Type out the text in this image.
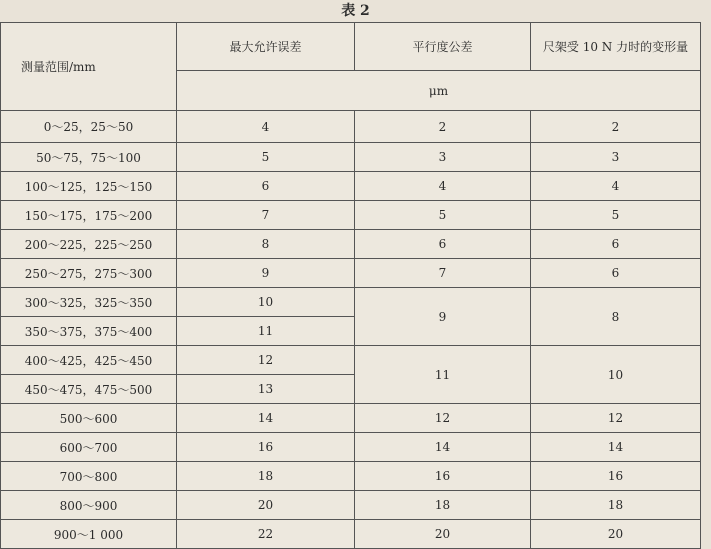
表 2
测量范围/mm	最大允许误差	平行度公差	尺架受 10 N 力时的变形量
	μm		
0～25，25～50	4	2	2
50～75，75～100	5	3	3
100～125，125～150	6	4	4
150～175，175～200	7	5	5
200～225，225～250	8	6	6
250～275，275～300	9	7	6
300～325，325～350	10	9	8
350～375，375～400	11		
400～425，425～450	12	11	10
450～475，475～500	13		
500～600	14	12	12
600～700	16	14	14
700～800	18	16	16
800～900	20	18	18
900～1 000	22	20	20
